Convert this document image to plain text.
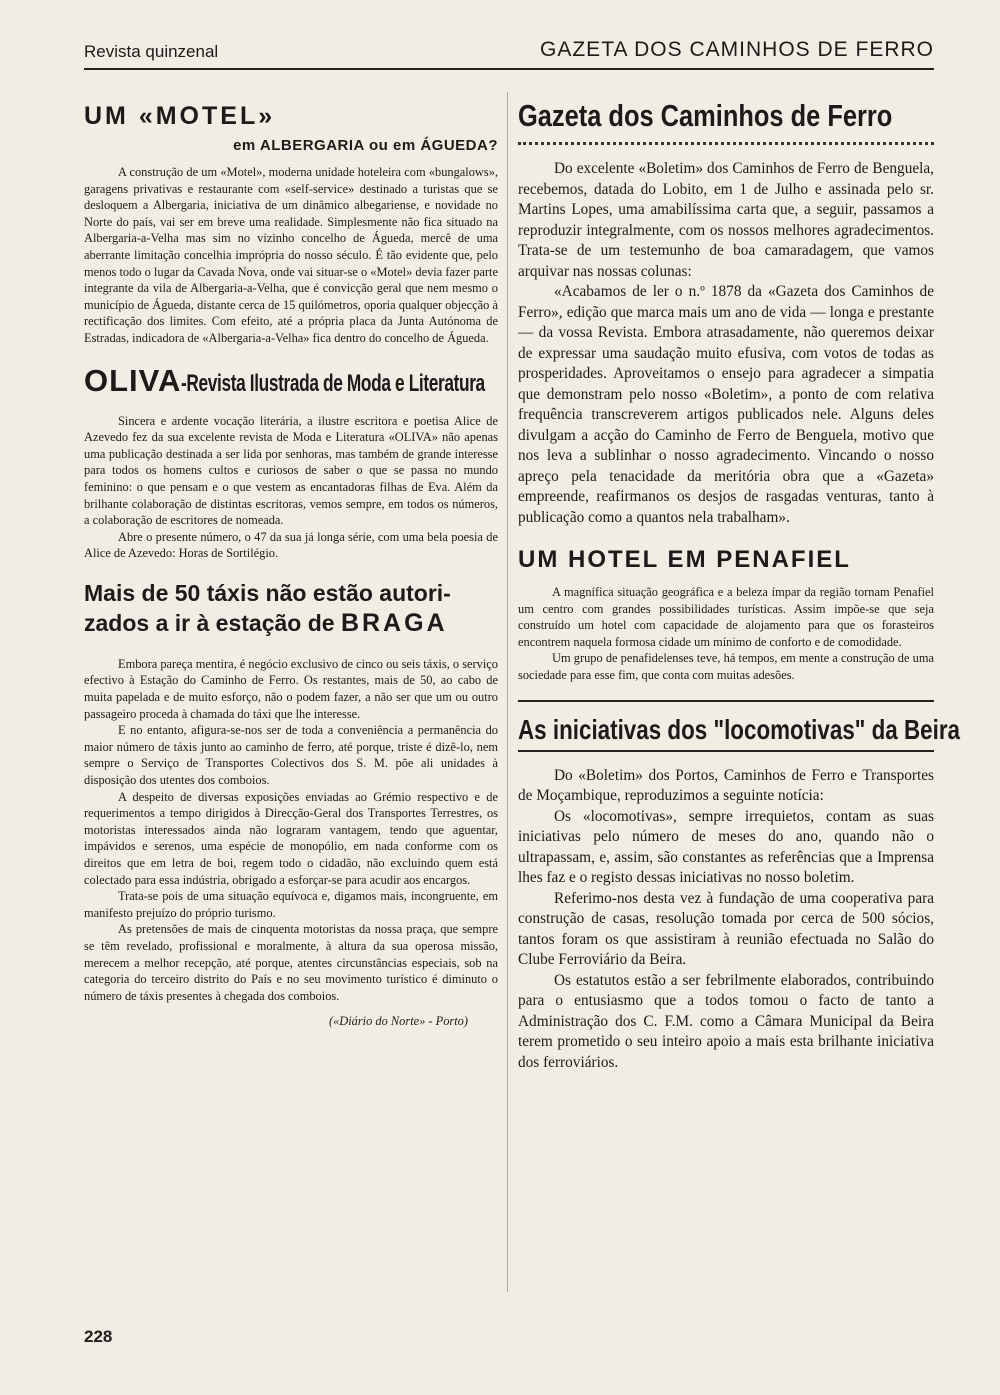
Revista quinzenal	GAZETA DOS CAMINHOS DE FERRO
UM «MOTEL»
em ALBERGARIA ou em ÁGUEDA?

A construção de um «Motel», moderna unidade hoteleira com «bungalows», garagens privativas e restaurante com «self-service» destinado a turistas que se desloquem a Albergaria, iniciativa de um dinâmico albegariense, e novidade no Norte do país, vai ser em breve uma realidade. Simplesmente não fica situado na Albergaria-a-Velha mas sim no vizinho concelho de Águeda, mercê de uma aberrante limitação concelhia imprópria do nosso século. É tão evidente que, pelo menos todo o lugar da Cavada Nova, onde vai situar-se o «Motel» devia fazer parte integrante da vila de Albergaria-a-Velha, que é convicção geral que nem mesmo o município de Águeda, distante cerca de 15 quilómetros, oporia qualquer objecção à rectificação dos limites. Com efeito, até a própria placa da Junta Autónoma de Estradas, indicadora de «Albergaria-a-Velha» fica dentro do concelho de Águeda.

OLIVA-Revista Ilustrada de Moda e Literatura

Sincera e ardente vocação literária, a ilustre escritora e poetisa Alice de Azevedo fez da sua excelente revista de Moda e Literatura «OLIVA» não apenas uma publicação destinada a ser lida por senhoras, mas também de grande interesse para todos os homens cultos e curiosos de saber o que se passa no mundo feminino: o que pensam e o que vestem as encantadoras filhas de Eva. Além da brilhante colaboração de distintas escritoras, vemos sempre, em todos os números, a colaboração de escritores de nomeada.

Abre o presente número, o 47 da sua já longa série, com uma bela poesia de Alice de Azevedo: Horas de Sortilégio.

Mais de 50 táxis não estão autori-
zados a ir à estação de BRAGA

Embora pareça mentira, é negócio exclusivo de cinco ou seis táxis, o serviço efectivo à Estação do Caminho de Ferro. Os restantes, mais de 50, ao cabo de muita papelada e de muito esforço, não o podem fazer, a não ser que um ou outro passageiro proceda à chamada do táxi que lhe interesse.

E no entanto, afigura-se-nos ser de toda a conveniência a permanência do maior número de táxis junto ao caminho de ferro, até porque, triste é dizê-lo, nem sempre o Serviço de Transportes Colectivos dos S. M. põe ali unidades à disposição dos utentes dos comboios.

A despeito de diversas exposições enviadas ao Grémio respectivo e de requerimentos a tempo dirigidos à Direcção-Geral dos Transportes Terrestres, os motoristas interessados ainda não lograram vantagem, tendo que aguentar, impávidos e serenos, uma espécie de monopólio, em nada conforme com os direitos que em letra de boi, regem todo o cidadão, não excluindo quem está colectado para essa indústria, obrigado a esforçar-se para acudir aos encargos.

Trata-se pois de uma situação equívoca e, digamos mais, incongruente, em manifesto prejuízo do próprio turismo.

As pretensões de mais de cinquenta motoristas da nossa praça, que sempre se têm revelado, profissional e moralmente, à altura da sua operosa missão, merecem a melhor recepção, até porque, atentes circunstâncias especiais, sob na categoria do terceiro distrito do País e no seu movimento turístico é diminuto o número de táxis presentes à chegada dos comboios.

(«Diário do Norte» - Porto)
Gazeta dos Caminhos de Ferro

Do excelente «Boletim» dos Caminhos de Ferro de Benguela, recebemos, datada do Lobito, em 1 de Julho e assinada pelo sr. Martins Lopes, uma amabilíssima carta que, a seguir, passamos a reproduzir integralmente, com os nossos melhores agradecimentos. Trata-se de um testemunho de boa camaradagem, que vamos arquivar nas nossas colunas:

«Acabamos de ler o n.º 1878 da «Gazeta dos Caminhos de Ferro», edição que marca mais um ano de vida — longa e prestante — da vossa Revista. Embora atrasadamente, não queremos deixar de expressar uma saudação muito efusiva, com votos de todas as prosperidades. Aproveitamos o ensejo para agradecer a simpatia que demonstram pelo nosso «Boletim», a ponto de com relativa frequência transcreverem artigos publicados nele. Alguns deles divulgam a acção do Caminho de Ferro de Benguela, motivo que nos leva a sublinhar o nosso agradecimento. Vincando o nosso apreço pela tenacidade da meritória obra que a «Gazeta» empreende, reafirmanos os desjos de rasgadas venturas, tanto à publicação como a quantos nela trabalham».

UM HOTEL EM PENAFIEL

A magnífica situação geográfica e a beleza ímpar da região tornam Penafiel um centro com grandes possibilidades turísticas. Assim impõe-se que seja construído um hotel com capacidade de alojamento para que os forasteiros encontrem naquela formosa cidade um mínimo de conforto e de comodidade.

Um grupo de penafidelenses teve, há tempos, em mente a construção de uma sociedade para esse fim, que conta com muitas adesões.

As iniciativas dos "locomotivas" da Beira

Do «Boletim» dos Portos, Caminhos de Ferro e Transportes de Moçambique, reproduzimos a seguinte notícia:

Os «locomotivas», sempre irrequietos, contam as suas iniciativas pelo número de meses do ano, quando não o ultrapassam, e, assim, são constantes as referências que a Imprensa lhes faz e o registo dessas iniciativas no nosso boletim.

Referimo-nos desta vez à fundação de uma cooperativa para construção de casas, resolução tomada por cerca de 500 sócios, tantos foram os que assistiram à reunião efectuada no Salão do Clube Ferroviário da Beira.

Os estatutos estão a ser febrilmente elaborados, contribuindo para o entusiasmo que a todos tomou o facto de tanto a Administração dos C. F.M. como a Câmara Municipal da Beira terem prometido o seu inteiro apoio a mais esta brilhante iniciativa dos ferroviários.

228
